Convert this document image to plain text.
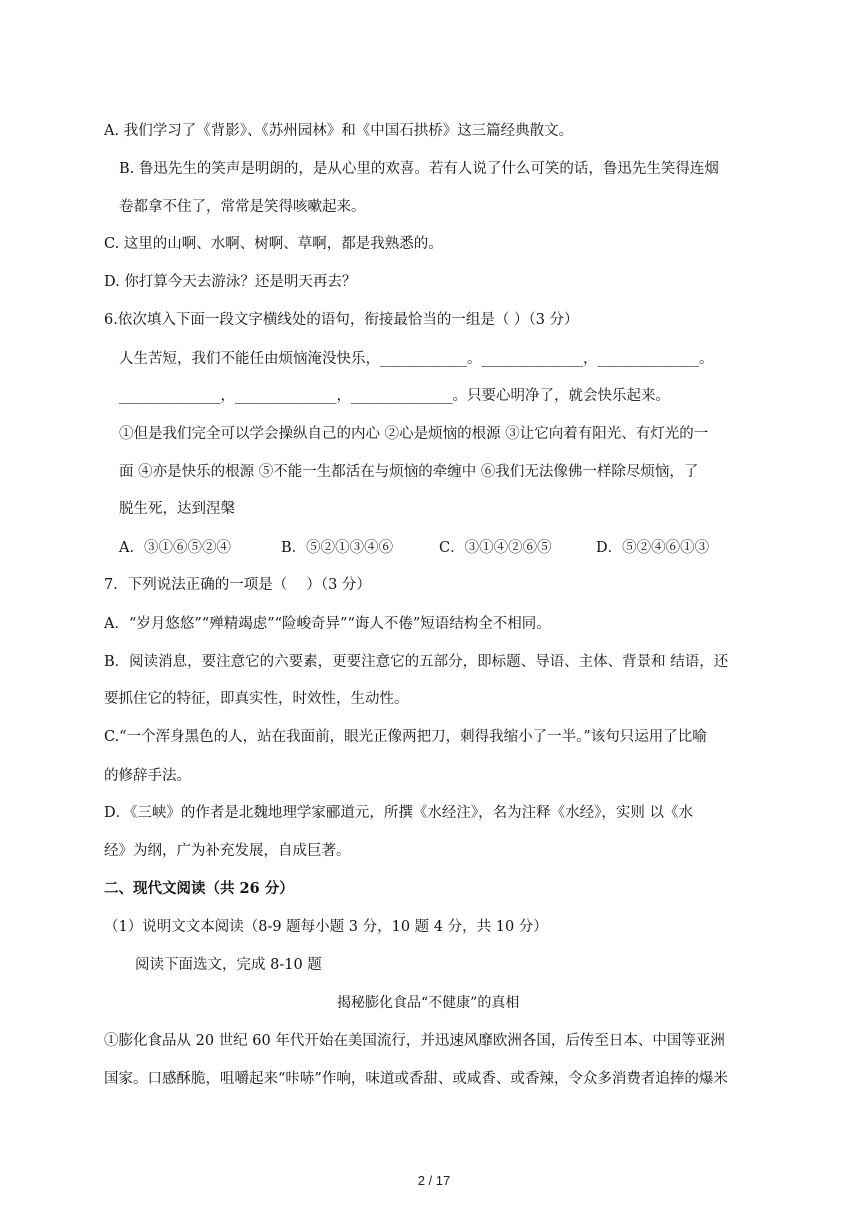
A. 我们学习了《背影》、《苏州园林》和《中国石拱桥》这三篇经典散文。
B. 鲁迅先生的笑声是明朗的，是从心里的欢喜。若有人说了什么可笑的话，鲁迅先生笑得连烟
卷都拿不住了，常常是笑得咳嗽起来。
C. 这里的山啊、水啊、树啊、草啊，都是我熟悉的。
D. 你打算今天去游泳？还是明天再去？
6.依次填入下面一段文字横线处的语句，衔接最恰当的一组是（ ）（3 分）
人生苦短，我们不能任由烦恼淹没快乐，____________。______________，______________。
______________，______________，______________。只要心明净了，就会快乐起来。
①但是我们完全可以学会操纵自己的内心 ②心是烦恼的根源 ③让它向着有阳光、有灯光的一
面 ④亦是快乐的根源 ⑤不能一生都活在与烦恼的牵缠中 ⑥我们无法像佛一样除尽烦恼，了
脱生死，达到涅槃
A．③①⑥⑤②④	B．⑤②①③④⑥	C．③①④②⑥⑤	D．⑤②④⑥①③
7．下列说法正确的一项是（　 ）（3 分）
A．“岁月悠悠”“殚精竭虑”“险峻奇异”“诲人不倦”短语结构全不相同。
B．阅读消息，要注意它的六要素，更要注意它的五部分，即标题、导语、主体、背景和 结语，还
要抓住它的特征，即真实性，时效性，生动性。
C.“一个浑身黑色的人，站在我面前，眼光正像两把刀，刺得我缩小了一半。”该句只运用了比喻
的修辞手法。
D．《三峡》的作者是北魏地理学家郦道元，所撰《水经注》，名为注释《水经》，实则 以《水
经》为纲，广为补充发展，自成巨著。
二、现代文阅读（共 26 分）
（1）说明文文本阅读（8-9 题每小题 3 分，10 题 4 分，共 10 分）
阅读下面选文，完成 8-10 题
揭秘膨化食品“不健康”的真相
①膨化食品从 20 世纪 60 年代开始在美国流行，并迅速风靡欧洲各国，后传至日本、中国等亚洲
国家。口感酥脆，咀嚼起来“咔哧”作响，味道或香甜、或咸香、或香辣，令众多消费者追捧的爆米
2 / 17
